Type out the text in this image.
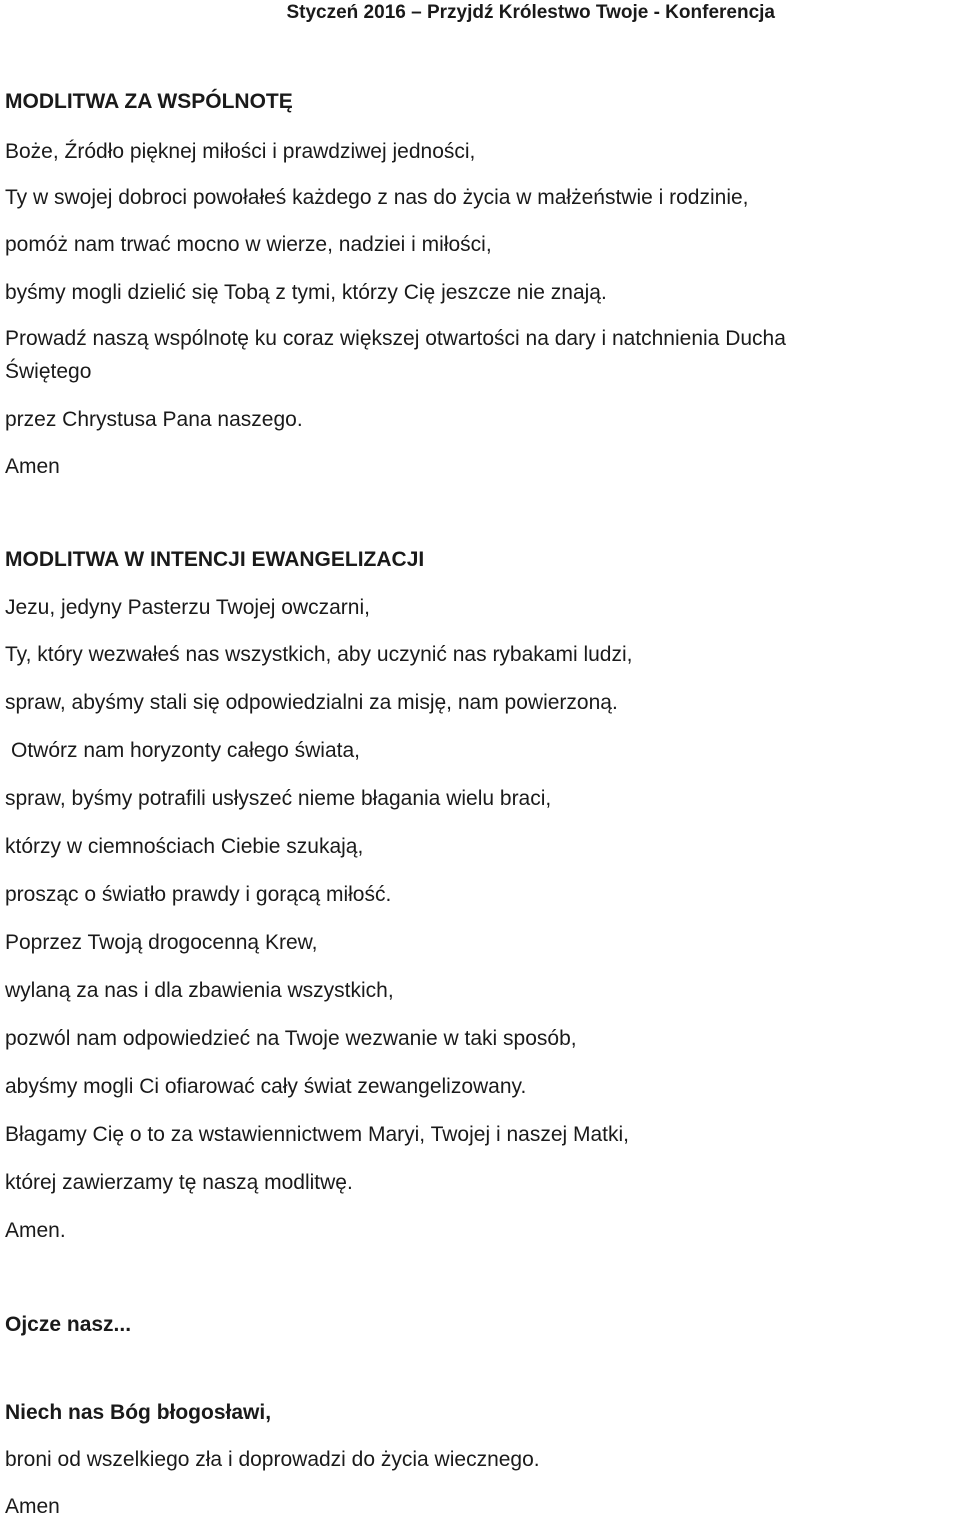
Styczeń 2016 – Przyjdź Królestwo Twoje - Konferencja
MODLITWA ZA WSPÓLNOTĘ
Boże, Źródło pięknej miłości i prawdziwej jedności,
Ty w swojej dobroci powołałeś każdego z nas do życia w małżeństwie i rodzinie,
pomóż nam trwać mocno w wierze, nadziei i miłości,
byśmy mogli dzielić się Tobą z tymi, którzy Cię jeszcze nie znają.
Prowadź naszą wspólnotę ku coraz większej otwartości na dary i natchnienia Ducha
Świętego
przez Chrystusa Pana naszego.
Amen
MODLITWA W INTENCJI EWANGELIZACJI
Jezu, jedyny Pasterzu Twojej owczarni,
Ty, który wezwałeś nas wszystkich, aby uczynić nas rybakami ludzi,
spraw, abyśmy stali się odpowiedzialni za misję, nam powierzoną.
Otwórz nam horyzonty całego świata,
spraw, byśmy potrafili usłyszeć nieme błagania wielu braci,
którzy w ciemnościach Ciebie szukają,
prosząc o światło prawdy i gorącą miłość.
Poprzez Twoją drogocenną Krew,
wylaną za nas i dla zbawienia wszystkich,
pozwól nam odpowiedzieć na Twoje wezwanie w taki sposób,
abyśmy mogli Ci ofiarować cały świat zewangelizowany.
Błagamy Cię o to za wstawiennictwem Maryi, Twojej i naszej Matki,
której zawierzamy tę naszą modlitwę.
Amen.
Ojcze nasz...
Niech nas Bóg błogosławi,
broni od wszelkiego zła i doprowadzi do życia wiecznego.
Amen
